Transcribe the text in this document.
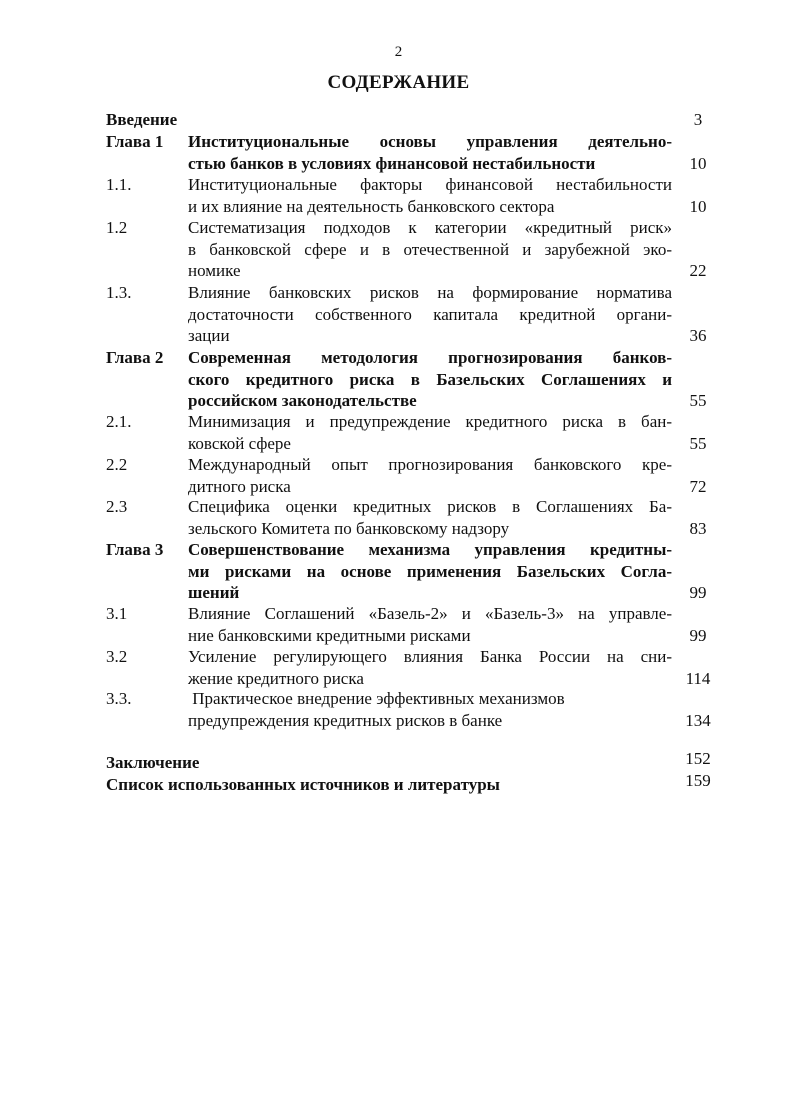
2
СОДЕРЖАНИЕ
Введение	3
Глава 1	Институциональные основы управления деятельно-
стью банков в условиях финансовой нестабильности	10
1.1.	Институциональные факторы финансовой нестабильности
и их влияние на деятельность банковского сектора	10
1.2	Систематизация подходов к категории «кредитный риск»
в банковской сфере и в отечественной и зарубежной эко-
номике	22
1.3.	Влияние банковских рисков на формирование норматива
достаточности собственного капитала кредитной органи-
зации	36
Глава 2	Современная методология прогнозирования банков-
ского кредитного риска в Базельских Соглашениях и
российском законодательстве	55
2.1.	Минимизация и предупреждение кредитного риска в бан-
ковской сфере	55
2.2	Международный опыт прогнозирования банковского кре-
дитного риска	72
2.3	Специфика оценки кредитных рисков в Соглашениях Ба-
зельского Комитета по банковскому надзору	83
Глава 3	Совершенствование механизма управления кредитны-
ми рисками на основе применения Базельских Согла-
шений	99
3.1	Влияние Соглашений «Базель-2» и «Базель-3» на управле-
ние банковскими кредитными рисками	99
3.2	Усиление регулирующего влияния Банка России на сни-
жение кредитного риска	114
3.3.	Практическое внедрение эффективных механизмов
предупреждения кредитных рисков в банке	134
Заключение	152
Список использованных источников и литературы	159
